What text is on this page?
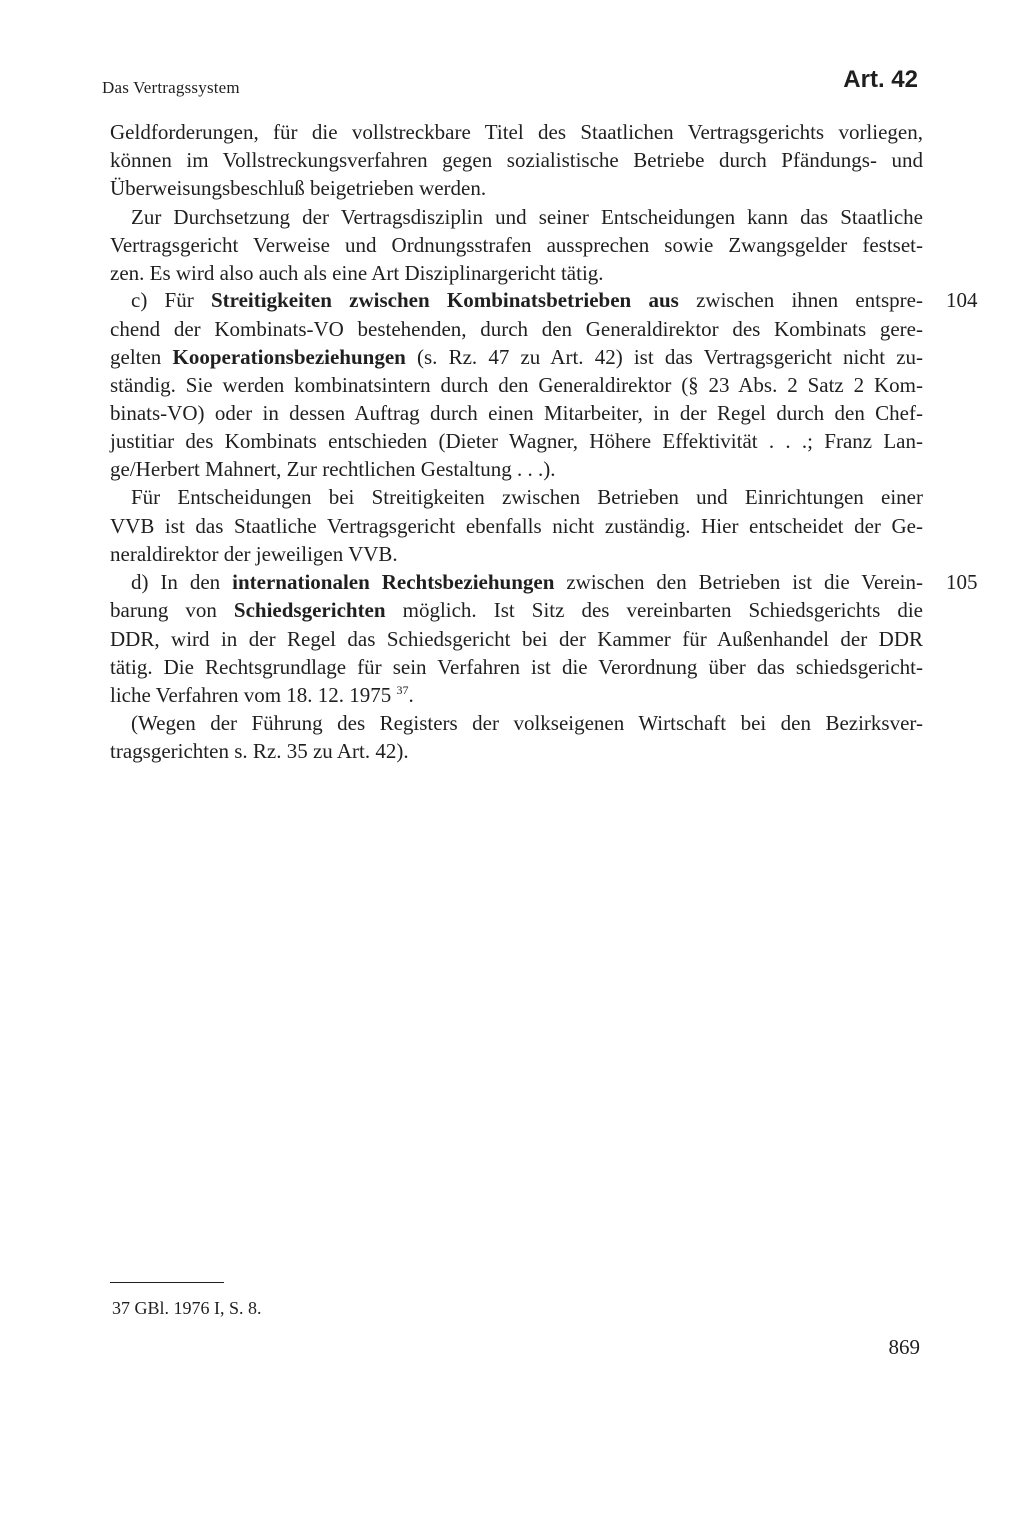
Das Vertragssystem	Art. 42
Geldforderungen, für die vollstreckbare Titel des Staatlichen Vertragsgerichts vorliegen,
können im Vollstreckungsverfahren gegen sozialistische Betriebe durch Pfändungs- und
Überweisungsbeschluß beigetrieben werden.
Zur Durchsetzung der Vertragsdisziplin und seiner Entscheidungen kann das Staatliche
Vertragsgericht Verweise und Ordnungsstrafen aussprechen sowie Zwangsgelder festset-
zen. Es wird also auch als eine Art Disziplinargericht tätig.
c) Für Streitigkeiten zwischen Kombinatsbetrieben aus zwischen ihnen entspre- 104
chend der Kombinats-VO bestehenden, durch den Generaldirektor des Kombinats gere-
gelten Kooperationsbeziehungen (s. Rz. 47 zu Art. 42) ist das Vertragsgericht nicht zu-
ständig. Sie werden kombinatsintern durch den Generaldirektor (§ 23 Abs. 2 Satz 2 Kom-
binats-VO) oder in dessen Auftrag durch einen Mitarbeiter, in der Regel durch den Chef-
justitiar des Kombinats entschieden (Dieter Wagner, Höhere Effektivität . . .; Franz Lan-
ge/Herbert Mahnert, Zur rechtlichen Gestaltung . . .).
Für Entscheidungen bei Streitigkeiten zwischen Betrieben und Einrichtungen einer
VVB ist das Staatliche Vertragsgericht ebenfalls nicht zuständig. Hier entscheidet der Ge-
neraldirektor der jeweiligen VVB.
d) In den internationalen Rechtsbeziehungen zwischen den Betrieben ist die Verein- 105
barung von Schiedsgerichten möglich. Ist Sitz des vereinbarten Schiedsgerichts die
DDR, wird in der Regel das Schiedsgericht bei der Kammer für Außenhandel der DDR
tätig. Die Rechtsgrundlage für sein Verfahren ist die Verordnung über das schiedsgericht-
liche Verfahren vom 18. 12. 1975 $^{37}$.
(Wegen der Führung des Registers der volkseigenen Wirtschaft bei den Bezirksver-
tragsgerichten s. Rz. 35 zu Art. 42).
37 GBl. 1976 I, S. 8.
869
